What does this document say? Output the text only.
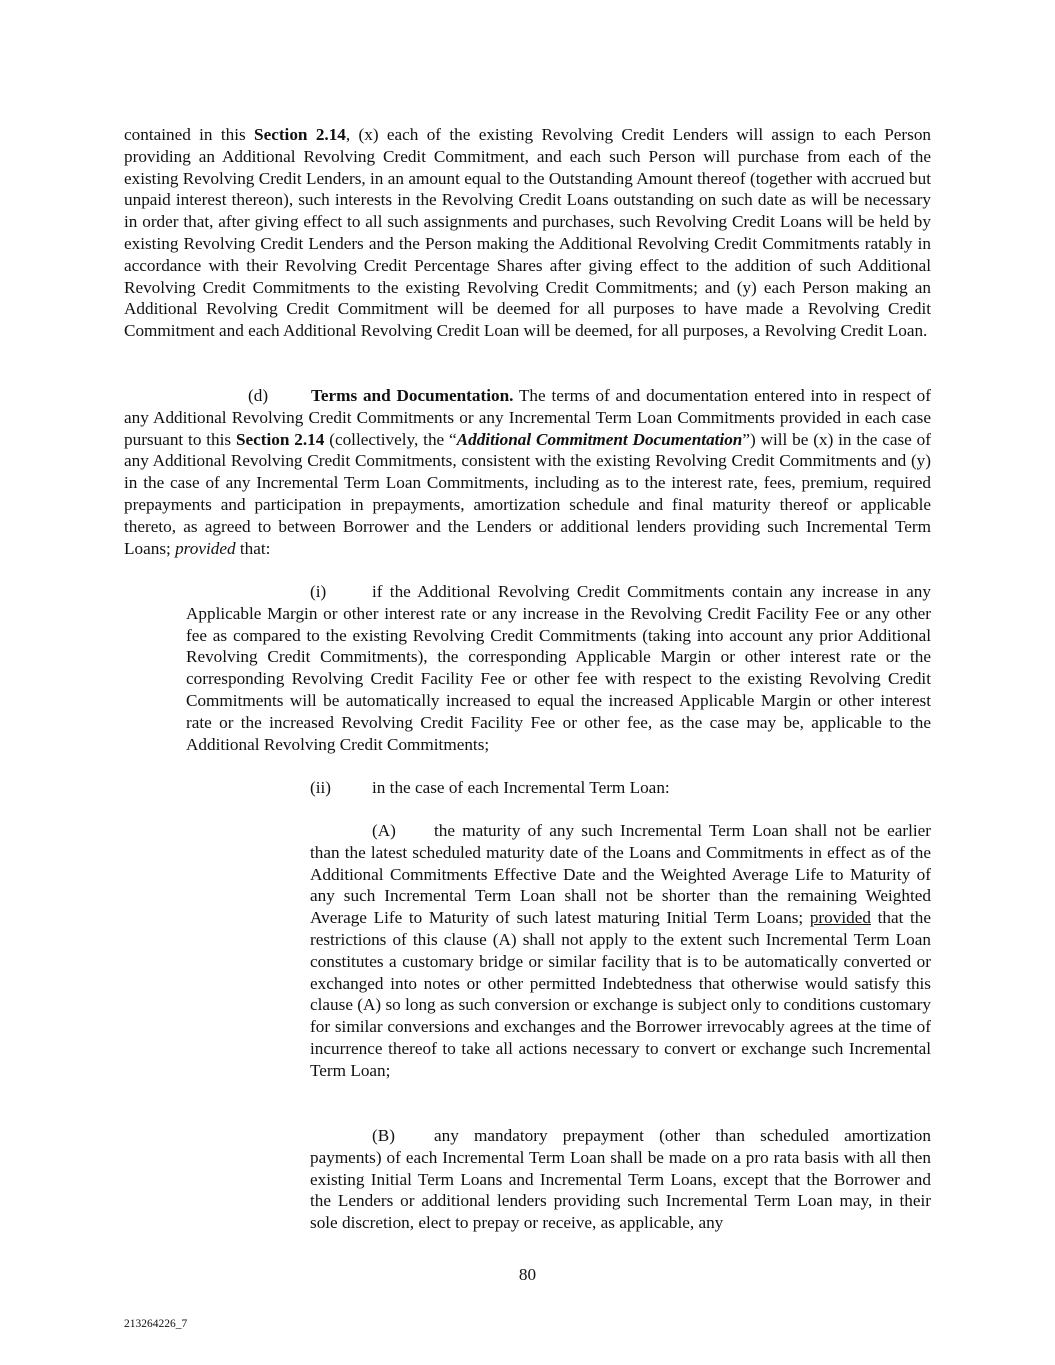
contained in this Section 2.14, (x) each of the existing Revolving Credit Lenders will assign to each Person providing an Additional Revolving Credit Commitment, and each such Person will purchase from each of the existing Revolving Credit Lenders, in an amount equal to the Outstanding Amount thereof (together with accrued but unpaid interest thereon), such interests in the Revolving Credit Loans outstanding on such date as will be necessary in order that, after giving effect to all such assignments and purchases, such Revolving Credit Loans will be held by existing Revolving Credit Lenders and the Person making the Additional Revolving Credit Commitments ratably in accordance with their Revolving Credit Percentage Shares after giving effect to the addition of such Additional Revolving Credit Commitments to the existing Revolving Credit Commitments; and (y) each Person making an Additional Revolving Credit Commitment will be deemed for all purposes to have made a Revolving Credit Commitment and each Additional Revolving Credit Loan will be deemed, for all purposes, a Revolving Credit Loan.

(d) Terms and Documentation. The terms of and documentation entered into in respect of any Additional Revolving Credit Commitments or any Incremental Term Loan Commitments provided in each case pursuant to this Section 2.14 (collectively, the “Additional Commitment Documentation”) will be (x) in the case of any Additional Revolving Credit Commitments, consistent with the existing Revolving Credit Commitments and (y) in the case of any Incremental Term Loan Commitments, including as to the interest rate, fees, premium, required prepayments and participation in prepayments, amortization schedule and final maturity thereof or applicable thereto, as agreed to between Borrower and the Lenders or additional lenders providing such Incremental Term Loans; provided that:

(i)	if the Additional Revolving Credit Commitments contain any increase in any Applicable Margin or other interest rate or any increase in the Revolving Credit Facility Fee or any other fee as compared to the existing Revolving Credit Commitments (taking into account any prior Additional Revolving Credit Commitments), the corresponding Applicable Margin or other interest rate or the corresponding Revolving Credit Facility Fee or other fee with respect to the existing Revolving Credit Commitments will be automatically increased to equal the increased Applicable Margin or other interest rate or the increased Revolving Credit Facility Fee or other fee, as the case may be, applicable to the Additional Revolving Credit Commitments;

(ii) in the case of each Incremental Term Loan:

(A) the maturity of any such Incremental Term Loan shall not be earlier than the latest scheduled maturity date of the Loans and Commitments in effect as of the Additional Commitments Effective Date and the Weighted Average Life to Maturity of any such Incremental Term Loan shall not be shorter than the remaining Weighted Average Life to Maturity of such latest maturing Initial Term Loans; provided that the restrictions of this clause (A) shall not apply to the extent such Incremental Term Loan constitutes a customary bridge or similar facility that is to be automatically converted or exchanged into notes or other permitted Indebtedness that otherwise would satisfy this clause (A) so long as such conversion or exchange is subject only to conditions customary for similar conversions and exchanges and the Borrower irrevocably agrees at the time of incurrence thereof to take all actions necessary to convert or exchange such Incremental Term Loan;

(B) any mandatory prepayment (other than scheduled amortization payments) of each Incremental Term Loan shall be made on a pro rata basis with all then existing Initial Term Loans and Incremental Term Loans, except that the Borrower and the Lenders or additional lenders providing such Incremental Term Loan may, in their sole discretion, elect to prepay or receive, as applicable, any

80
213264226_7
